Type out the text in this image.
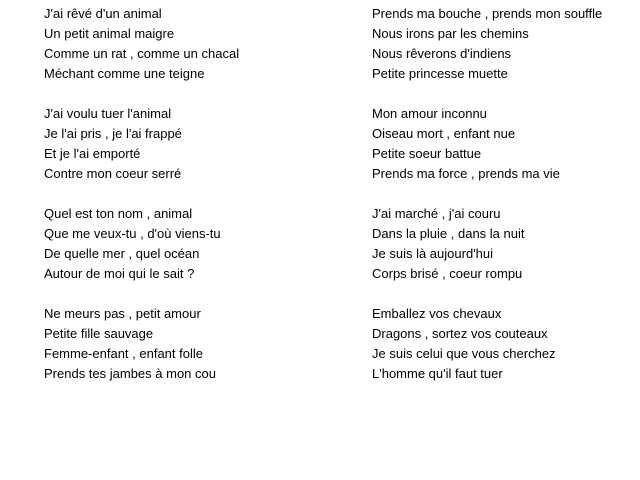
J'ai rêvé d'un animal
Un petit animal maigre
Comme un rat , comme un chacal
Méchant comme une teigne
J'ai voulu tuer l'animal
Je l'ai pris , je l'ai frappé
Et je l'ai emporté
Contre mon coeur serré
Quel est ton nom , animal
Que me veux-tu , d'où viens-tu
De quelle mer , quel océan
Autour de moi qui le sait ?
Ne meurs pas , petit amour
Petite fille sauvage
Femme-enfant , enfant folle
Prends tes jambes à mon cou
Prends ma bouche , prends mon souffle
Nous irons par les chemins
Nous rêverons d'indiens
Petite princesse muette
Mon amour inconnu
Oiseau mort , enfant nue
Petite soeur battue
Prends ma force , prends ma vie
J'ai marché , j'ai couru
Dans la pluie , dans la nuit
Je suis là aujourd'hui
Corps brisé , coeur rompu
Emballez vos chevaux
Dragons , sortez vos couteaux
Je suis celui que vous cherchez
L'homme qu'il faut tuer
